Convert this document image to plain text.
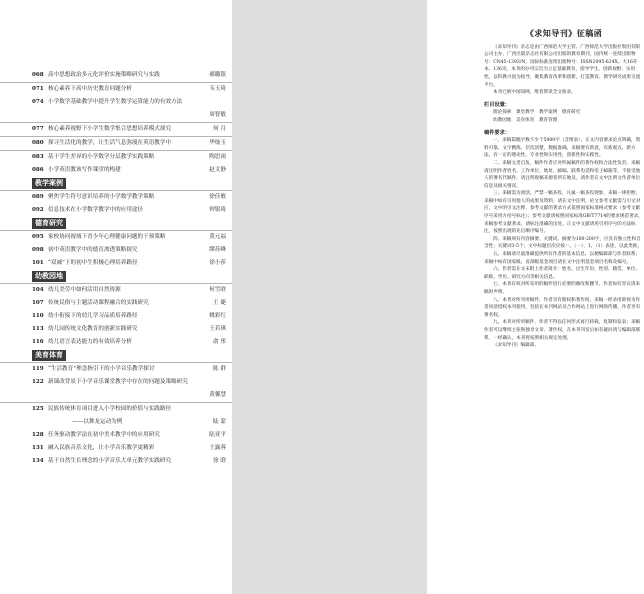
068 高中思想政治多元化评价实施策略研究与实践	郝璐银
071 核心素养下高中历史教育问题分析	韦玉琦
074 小学数学基础教学中提升学生数学运算能力的有效方法
周智敏
077 核心素养视野下小学生数学集合思想培养模式探究	何 月
080 探寻生活化的教学，让生活气息弥漫在英语教学中	华灿玉
083 基于学生差异的小学数学分层教学实践策略	陶思雨
086 小学英语教该写作课堂的构建	赵文静
教学案例
089 聚焦学生符号意识培养的小学数学教学策略	徐佳敏
092 信息技术在小学数学教学中的应用途径	钟银琦
德育研究
095 家校协同视域下青少年心理健康问题的干预策略	黄元福
098 初中英语教学中的德育渗透策略探究	缪苏峰
101 “双减”下的初中生积极心理培养路径	徐小莎
幼教园地
104 幼儿美劳中如何活用自然资源	何雪晗
107 传统民俗与主题活动课程融合的实践研究	王 婕
110 幼小衔接下的幼儿学习品质培养路径	姚彩红
113 幼儿园传统文化教育的创新实践研究	王若琪
116 幼儿语言表达能力的有效培养分析	俞 彤
美育体育
119 “生活教育”理念指引下的小学音乐教学探讨	陈 群
122 新课改背景下小学音乐课堂教学中存在的问题及策略研究
黄馨慧
125 民族传统体育项目进入小学校园的价值与实践路径
——以舞龙运动为例	陆 蒙
128 任务驱动教学法在初中美术教学中的应用研究	陆亚平
131 融入民族音乐文化，让小学音乐教学更精彩	王露蓉
134 基于自然生长理念的小学音乐大单元教学实践研究	徐 晗
《求知导刊》征稿函

《求知导刊》杂志是由广西师范大学主管、广西师范大学出版社集团有限公司主办、广西出版杂志社有限公司出版的教育期刊，国内统一连续出版物号：CN45-1393/N，国际标准连续出版物号：ISSN2095-624X。大16开本，136页。本刊的办刊宗旨为立足基础教育，指导学生、创新视野、实用性。以科教兴国为指导，聚焦教育改革和创新，打造教育、教学研究成果交流平台。

本刊已被中国知网、维普资讯全文收录。

栏目设置：
理论探索　课堂教学　教学案例　德育研究
幼教园地　美育体育　教育管理
稿件要求：

一、来稿篇幅字数不少于5000字（含图表），正文内容要求论点明确，资料可靠，文字精炼，层次清楚，数据准确，来稿要有新意，有新观点、新方法，有一定的理论性、专业性和实用性，创新性和实践性。

二、来稿文责自负，稿件作者应对所属稿件的著作权和合法性负责。来稿请注明作者姓名、工作单位、地址、邮编、联系电话和电子邮箱等，不接受他人的署名代稿件，请注明收稿来源者所在地及，请作者在文中注明文作者单位信息及相关情况。

三、来稿需为原创，严禁一稿多投，凡属一稿多投现象，来稿一律拒绝；来稿中如有引用他人的成果及资料，请在文中注明，论文参考文献需与引文对应，文中的引文注释，参考文献的著录方式依照国家标准格式要求（参考文献序号采用方括号标注）；参考文献请按照国家标准GB/T7714的要求规范著录，来稿参考文献著录，请标注准确的出处。正文中文献请用引用序号的方法标注，按照出现的先后顺序编号。

四、来稿须有内容摘要、关键词。摘要为100-200字，应具有独立性和自含性；关键词3-5个；文中标题层次应按一、（一）、1、（1）表述，以此类推。

五、来稿请尽量准确提供所有作者的基本信息，以便编辑部与作者联系；来稿中如有国家级、省部级基金项目请在文中注明基金项目名称及编号。

六、作者需在文末附上作者简介：姓名、出生年份、性别、籍贯、单位、职称、学历、研究方向等相关信息。

七、本刊有权对所采用的稿件进行必要的修改和删节，作者如有异议请来稿时声明。

八、本刊对所刊用稿件，作者享有版权和著作权，来稿一经录用即视为作者同意授权本刊使用，包括在本刊网站及合作网站上进行网络传播，作者享有署名权。

九、本刊对所用稿件，作者不得以任何形式再行转载、复制和发表；来稿作者可以继续主张和独享文章、著作权，在本刊刊发后如有疑问请与编辑部联系，一经确认，本刊将按照相关规定处理。

《求知导刊》编辑部。
